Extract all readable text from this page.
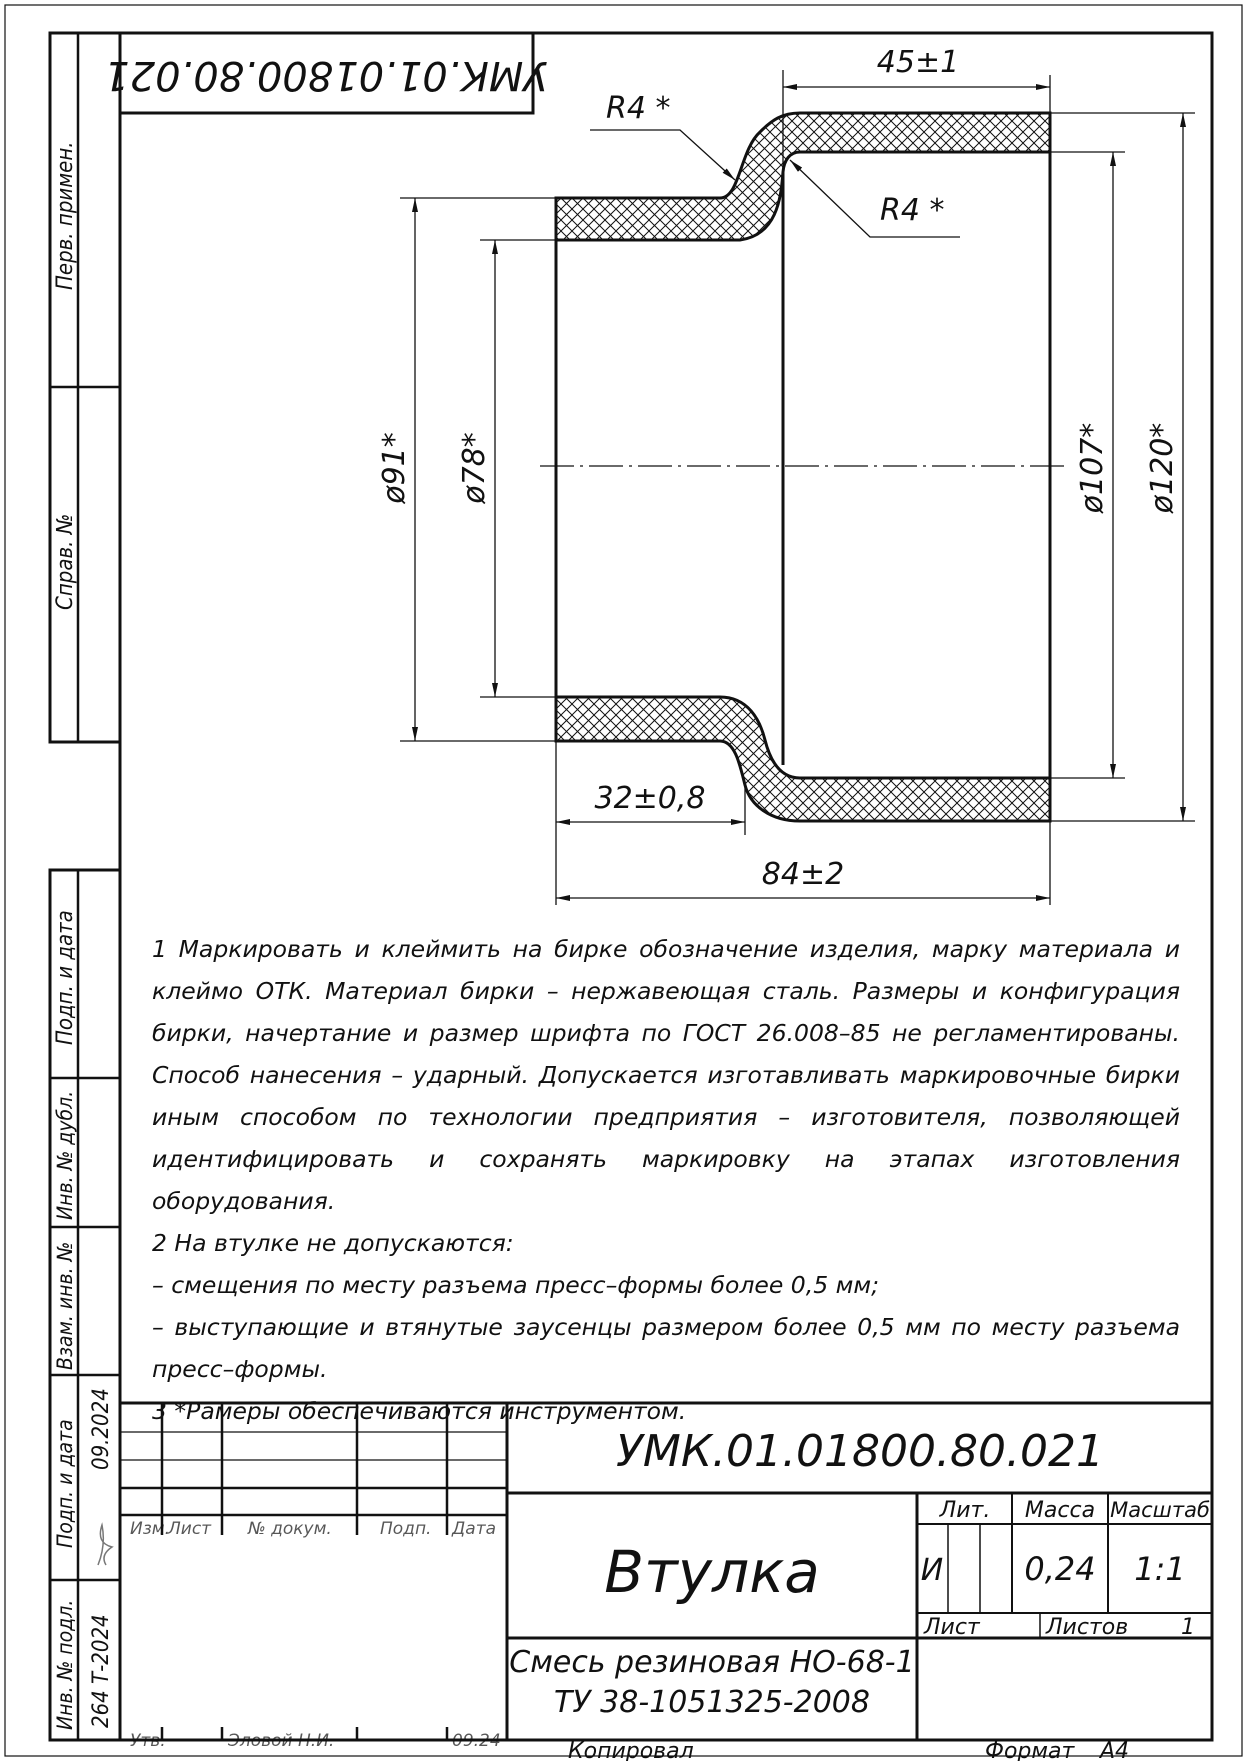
Перв. примен.
Справ. №
Подп. и дата
Инв. № дубл.
Взам. инв. №
Подп. и дата 09.2024
Инв. № подл. 264 Т-2024
УМК.01.01800.80.021	45±1
32±0,8
84±2
R4 *
R4 *
ø91* ø78*	ø107* ø120*
Изм.
Лист № докум.	Подп. Дата
Утв.	Эловой Н.И.	09.24
УМК.01.01800.80.021
Втулка
Смесь резиновая НО-68-1
ТУ 38-1051325-2008
Лит. Масса Масштаб
И	0,24 1:1
Лист	Листов 1
Копировал	Формат А4

1 Маркировать и клеймить на бирке обозначение изделия, марку материала и клеймо ОТК. Материал бирки – нержавеющая сталь. Размеры и конфигурация бирки, начертание и размер шрифта по ГОСТ 26.008–85 не регламентированы. Способ нанесения – ударный. Допускается изготавливать маркировочные бирки иным способом по технологии предприятия – изготовителя, позволяющей идентифицировать и сохранять маркировку на этапах изготовления оборудования.

2 На втулке не допускаются:

– смещения по месту разъема пресс–формы более 0,5 мм;

– выступающие и втянутые заусенцы размером более 0,5 мм по месту разъема пресс–формы.

3 *Рамеры обеспечиваются инструментом.
